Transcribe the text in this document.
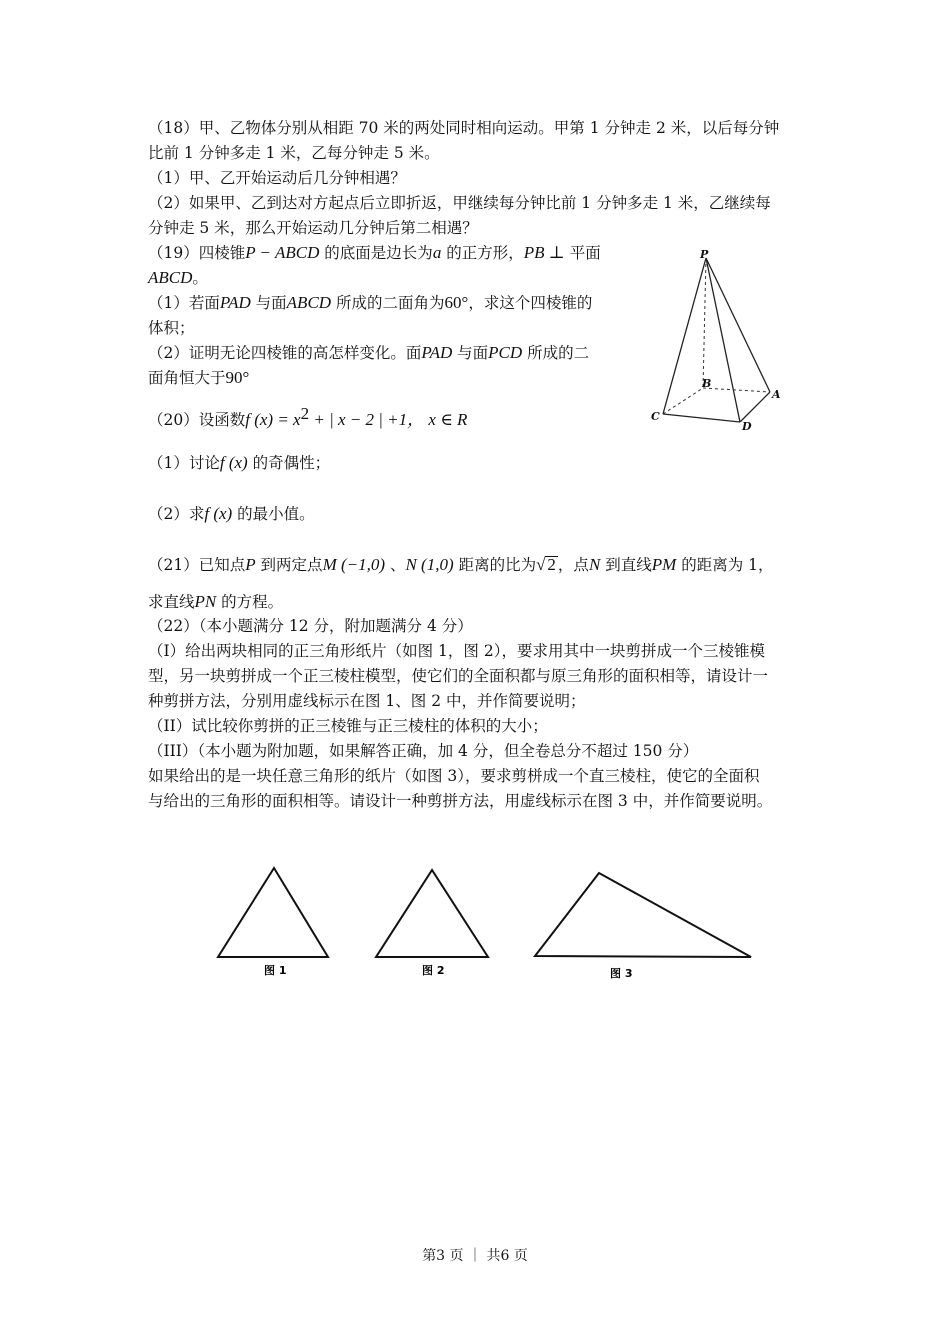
（18）甲、乙物体分别从相距 70 米的两处同时相向运动。甲第 1 分钟走 2 米，以后每分钟
比前 1 分钟多走 1 米，乙每分钟走 5 米。
（1）甲、乙开始运动后几分钟相遇？
（2）如果甲、乙到达对方起点后立即折返，甲继续每分钟比前 1 分钟多走 1 米，乙继续每
分钟走 5 米，那么开始运动几分钟后第二相遇？
（19）四棱锥P − ABCD 的底面是边长为a 的正方形，PB ⊥ 平面
ABCD。
（1）若面PAD 与面ABCD 所成的二面角为60°，求这个四棱锥的
体积；
（2）证明无论四棱锥的高怎样变化。面PAD 与面PCD 所成的二
面角恒大于90°
P
A
B
C
D
（20）设函数f $(x) = x^2$ + | x − 2 | +1， x ∈ R
（1）讨论f (x) 的奇偶性；
（2）求f (x) 的最小值。
（21）已知点P 到两定点M (−1,0) 、N (1,0) 距离的比为√ 2 ，点N 到直线PM 的距离为 1，
求直线PN 的方程。
（22）（本小题满分 12 分，附加题满分 4 分）
（I）给出两块相同的正三角形纸片（如图 1，图 2），要求用其中一块剪拼成一个三棱锥模
型，另一块剪拼成一个正三棱柱模型，使它们的全面积都与原三角形的面积相等，请设计一
种剪拼方法，分别用虚线标示在图 1、图 2 中，并作简要说明；
（II）试比较你剪拼的正三棱锥与正三棱柱的体积的大小；
（III）（本小题为附加题，如果解答正确，加 4 分，但全卷总分不超过 150 分）
如果给出的是一块任意三角形的纸片（如图 3），要求剪栟成一个直三棱柱，使它的全面积
与给出的三角形的面积相等。请设计一种剪拼方法，用虚线标示在图 3 中，并作简要说明。
图 1	图 2	图 3
第3 页 ｜ 共6 页
